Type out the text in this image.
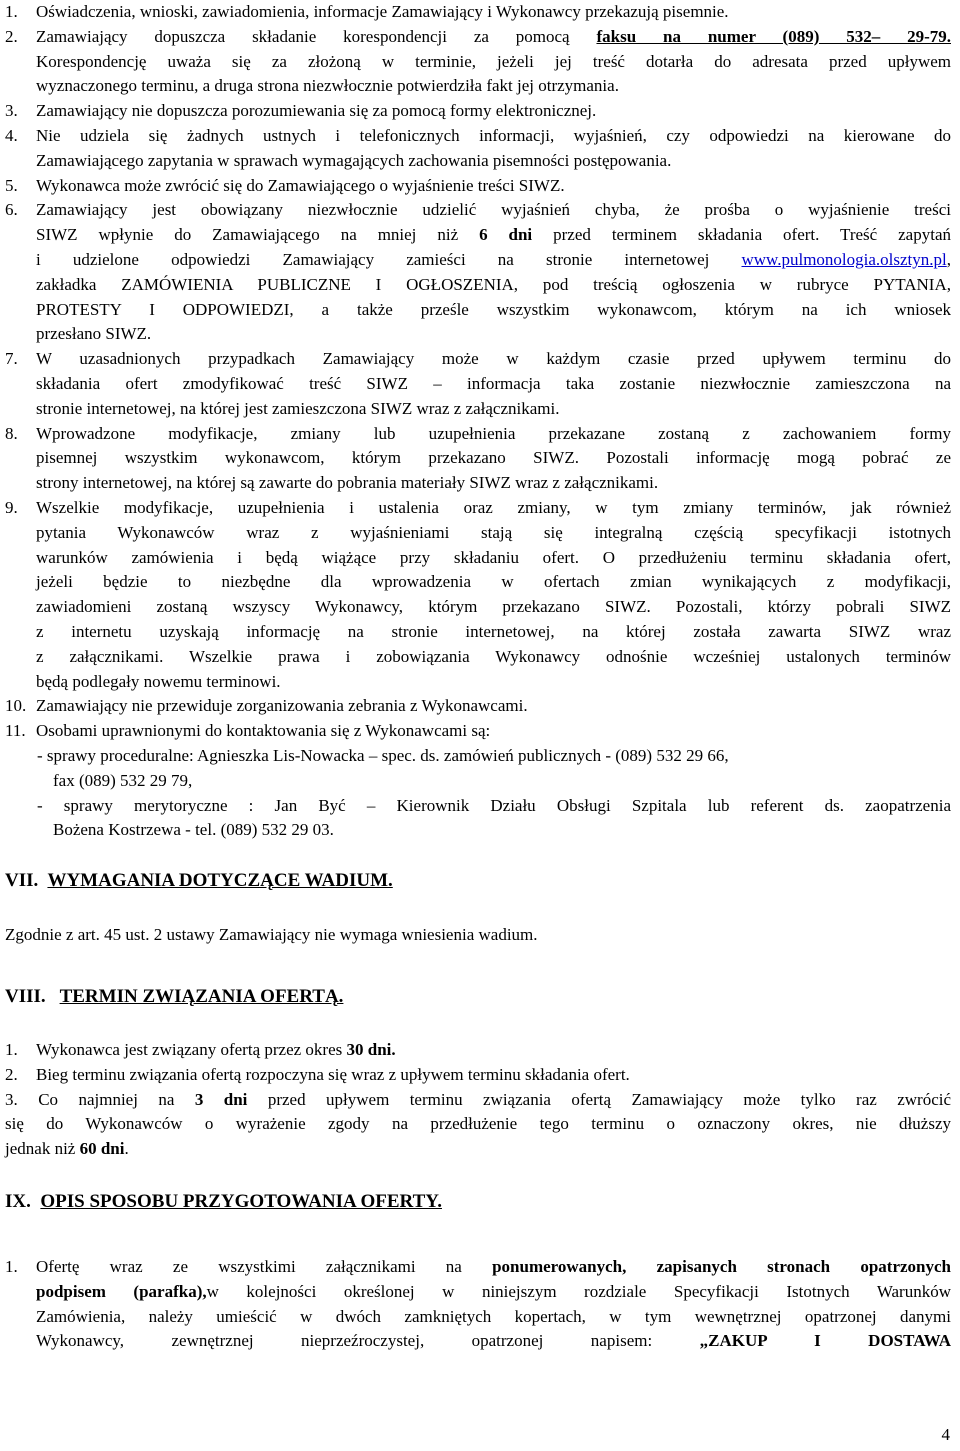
1.	Oświadczenia, wnioski, zawiadomienia, informacje Zamawiający i Wykonawcy przekazują pisemnie.
2.	Zamawiający dopuszcza składanie korespondencji za pomocą faksu na numer (089) 532– 29-79.
Korespondencję uważa się za złożoną w terminie, jeżeli jej treść dotarła do adresata przed upływem
wyznaczonego terminu, a druga strona niezwłocznie potwierdziła fakt jej otrzymania.
3.	Zamawiający nie dopuszcza porozumiewania się za pomocą formy elektronicznej.
4.	Nie udziela się żadnych ustnych i telefonicznych informacji, wyjaśnień, czy odpowiedzi na kierowane do
Zamawiającego zapytania w sprawach wymagających zachowania pisemności postępowania.
5.	Wykonawca może zwrócić się do Zamawiającego o wyjaśnienie treści SIWZ.
6.	Zamawiający jest obowiązany niezwłocznie udzielić wyjaśnień chyba, że prośba o wyjaśnienie treści
SIWZ wpłynie do Zamawiającego na mniej niż 6 dni przed terminem składania ofert. Treść zapytań
i udzielone odpowiedzi Zamawiający zamieści na stronie internetowej www.pulmonologia.olsztyn.pl,
zakładka ZAMÓWIENIA PUBLICZNE I OGŁOSZENIA, pod treścią ogłoszenia w rubryce PYTANIA,
PROTESTY I ODPOWIEDZI, a także prześle wszystkim wykonawcom, którym na ich wniosek
przesłano SIWZ.
7.	W uzasadnionych przypadkach Zamawiający może w każdym czasie przed upływem terminu do
składania ofert zmodyfikować treść SIWZ – informacja taka zostanie niezwłocznie zamieszczona na
stronie internetowej, na której jest zamieszczona SIWZ wraz z załącznikami.
8.	Wprowadzone modyfikacje, zmiany lub uzupełnienia przekazane zostaną z zachowaniem formy
pisemnej wszystkim wykonawcom, którym przekazano SIWZ. Pozostali informację mogą pobrać ze
strony internetowej, na której są zawarte do pobrania materiały SIWZ wraz z załącznikami.
9.	Wszelkie modyfikacje, uzupełnienia i ustalenia oraz zmiany, w tym zmiany terminów, jak również
pytania Wykonawców wraz z wyjaśnieniami stają się integralną częścią specyfikacji istotnych
warunków zamówienia i będą wiążące przy składaniu ofert. O przedłużeniu terminu składania ofert,
jeżeli będzie to niezbędne dla wprowadzenia w ofertach zmian wynikających z modyfikacji,
zawiadomieni zostaną wszyscy Wykonawcy, którym przekazano SIWZ. Pozostali, którzy pobrali SIWZ
z internetu uzyskają informację na stronie internetowej, na której została zawarta SIWZ wraz
z załącznikami. Wszelkie prawa i zobowiązania Wykonawcy odnośnie wcześniej ustalonych terminów
będą podlegały nowemu terminowi.
10. Zamawiający nie przewiduje zorganizowania zebrania z Wykonawcami.
11. Osobami uprawnionymi do kontaktowania się z Wykonawcami są:
- sprawy proceduralne: Agnieszka Lis-Nowacka – spec. ds. zamówień publicznych - (089) 532 29 66,
fax (089) 532 29 79,
- sprawy merytoryczne : Jan Być – Kierownik Działu Obsługi Szpitala lub referent ds. zaopatrzenia
Bożena Kostrzewa - tel. (089) 532 29 03.
VII. WYMAGANIA DOTYCZĄCE WADIUM.

Zgodnie z art. 45 ust. 2 ustawy Zamawiający nie wymaga wniesienia wadium.

VIII. TERMIN ZWIĄZANIA OFERTĄ.
1.	Wykonawca jest związany ofertą przez okres 30 dni.
2.	Bieg terminu związania ofertą rozpoczyna się wraz z upływem terminu składania ofert.
3. Co najmniej na 3 dni przed upływem terminu związania ofertą Zamawiający może tylko raz zwrócić
się do Wykonawców o wyrażenie zgody na przedłużenie tego terminu o oznaczony okres, nie dłuższy
jednak niż 60 dni.
IX. OPIS SPOSOBU PRZYGOTOWANIA OFERTY.
1.	Ofertę wraz ze wszystkimi załącznikami na ponumerowanych, zapisanych stronach opatrzonych
podpisem (parafka),w kolejności określonej w niniejszym rozdziale Specyfikacji Istotnych Warunków
Zamówienia, należy umieścić w dwóch zamkniętych kopertach, w tym wewnętrznej opatrzonej danymi
Wykonawcy, zewnętrznej nieprzeźroczystej, opatrzonej napisem:	„ZAKUP I DOSTAWA
4
